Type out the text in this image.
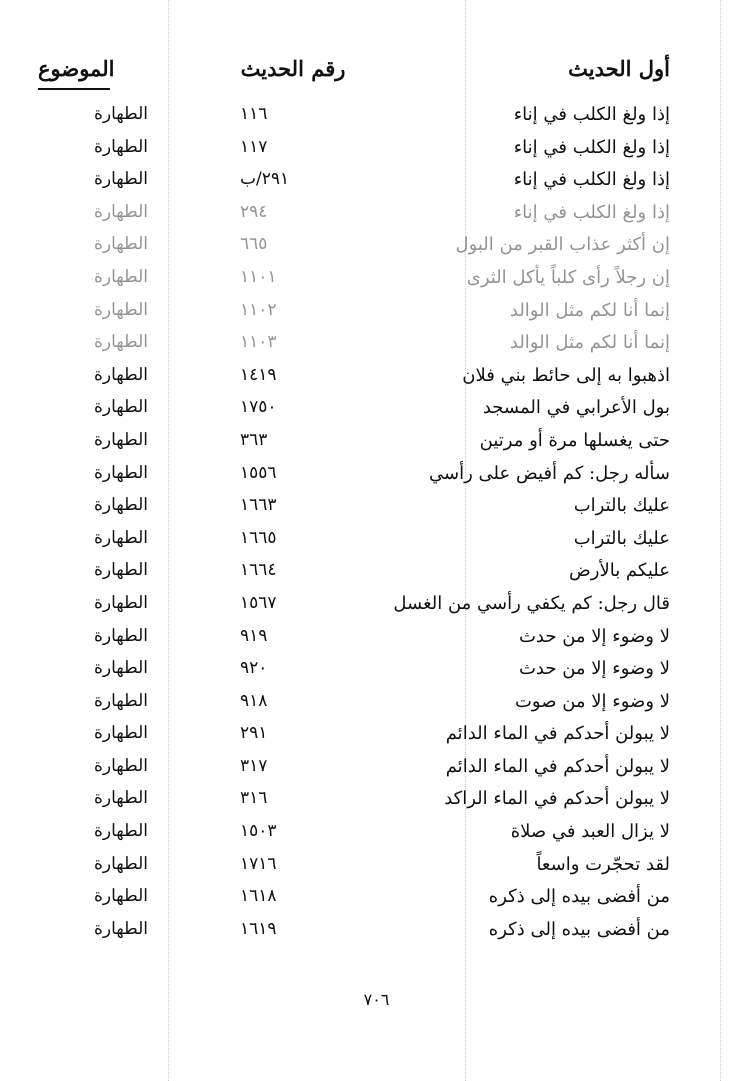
أول الحديث
رقم الحديث
الموضوع
إذا ولغ الكلب في إناء
١١٦
الطهارة
إذا ولغ الكلب في إناء
١١٧
الطهارة
إذا ولغ الكلب في إناء
٢٩١/ب
الطهارة
إذا ولغ الكلب في إناء
٢٩٤
الطهارة
إن أكثر عذاب القبر من البول
٦٦٥
الطهارة
إن رجلاً رأى كلباً يأكل الثرى
١١٠١
الطهارة
إنما أنا لكم مثل الوالد
١١٠٢
الطهارة
إنما أنا لكم مثل الوالد
١١٠٣
الطهارة
اذهبوا به إلى حائط بني فلان
١٤١٩
الطهارة
بول الأعرابي في المسجد
١٧٥٠
الطهارة
حتى يغسلها مرة أو مرتين
٣٦٣
الطهارة
سأله رجل: كم أفيض على رأسي
١٥٥٦
الطهارة
عليك بالتراب
١٦٦٣
الطهارة
عليك بالتراب
١٦٦٥
الطهارة
عليكم بالأرض
١٦٦٤
الطهارة
قال رجل: كم يكفي رأسي من الغسل
١٥٦٧
الطهارة
لا وضوء إلا من حدث
٩١٩
الطهارة
لا وضوء إلا من حدث
٩٢٠
الطهارة
لا وضوء إلا من صوت
٩١٨
الطهارة
لا يبولن أحدكم في الماء الدائم
٢٩١
الطهارة
لا يبولن أحدكم في الماء الدائم
٣١٧
الطهارة
لا يبولن أحدكم في الماء الراكد
٣١٦
الطهارة
لا يزال العبد في صلاة
١٥٠٣
الطهارة
لقد تحجّرت واسعاً
١٧١٦
الطهارة
من أفضى بيده إلى ذكره
١٦١٨
الطهارة
من أفضى بيده إلى ذكره
١٦١٩
الطهارة
٧٠٦
